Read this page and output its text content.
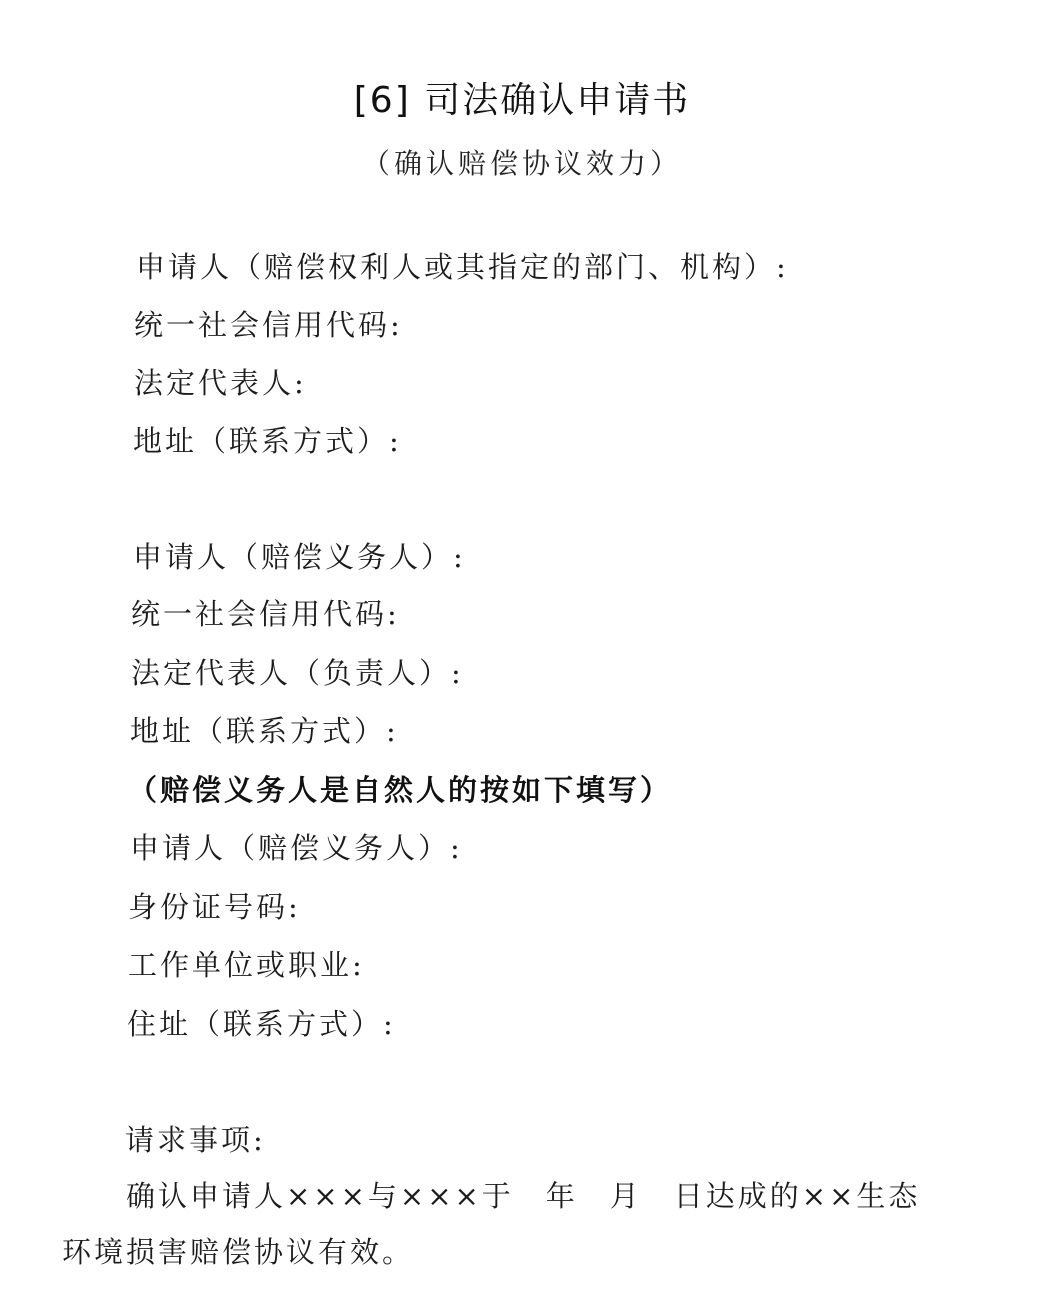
[6] 司法确认申请书
（确认赔偿协议效力）
申请人（赔偿权利人或其指定的部门、机构）:
统一社会信用代码:
法定代表人:
地址（联系方式）:
申请人（赔偿义务人）:
统一社会信用代码:
法定代表人（负责人）:
地址（联系方式）:
（赔偿义务人是自然人的按如下填写）
申请人（赔偿义务人）:
身份证号码:
工作单位或职业:
住址（联系方式）:
请求事项:
确认申请人×××与×××于　年　月　日达成的××生态环境损害赔偿协议有效。
